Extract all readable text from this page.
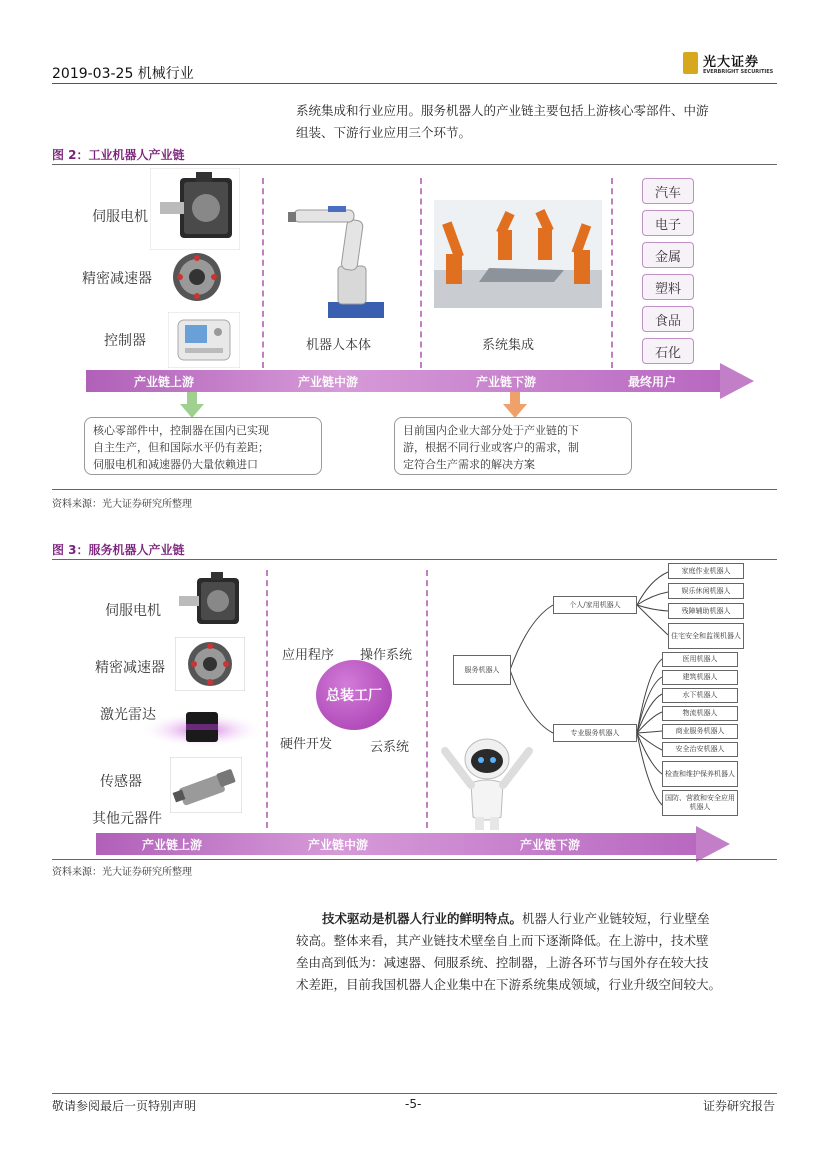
2019-03-25 机械行业
光大证券
EVERBRIGHT SECURITIES
系统集成和行业应用。服务机器人的产业链主要包括上游核心零部件、中游
组装、下游行业应用三个环节。
图 2：工业机器人产业链
伺服电机
精密减速器
控制器	机器人本体	系统集成
汽车
电子
金属
塑料
食品
石化
产业链上游	产业链中游	产业链下游	最终用户
核心零部件中，控制器在国内已实现
自主生产，但和国际水平仍有差距；
伺服电机和减速器仍大量依赖进口
目前国内企业大部分处于产业链的下
游，根据不同行业或客户的需求，制
定符合生产需求的解决方案
资料来源：光大证券研究所整理
图 3：服务机器人产业链
伺服电机
精密减速器
激光雷达
传感器
其他元器件
应用程序 操作系统
总装工厂
硬件开发	云系统
服务机器人
个人/家用机器人
专业服务机器人
家庭作业机器人
娱乐休闲机器人
残障辅助机器人
住宅安全和监视机器人
医用机器人
建筑机器人
水下机器人
物流机器人
商业服务机器人
安全治安机器人
检查和维护保养机器人
国防、营救和安全应用机器人
产业链上游	产业链中游	产业链下游
资料来源：光大证券研究所整理
技术驱动是机器人行业的鲜明特点。机器人行业产业链较短，行业壁垒
较高。整体来看，其产业链技术壁垒自上而下逐渐降低。在上游中，技术壁
垒由高到低为：减速器、伺服系统、控制器，上游各环节与国外存在较大技
术差距，目前我国机器人企业集中在下游系统集成领域，行业升级空间较大。
敬请参阅最后一页特别声明	-5-	证券研究报告
